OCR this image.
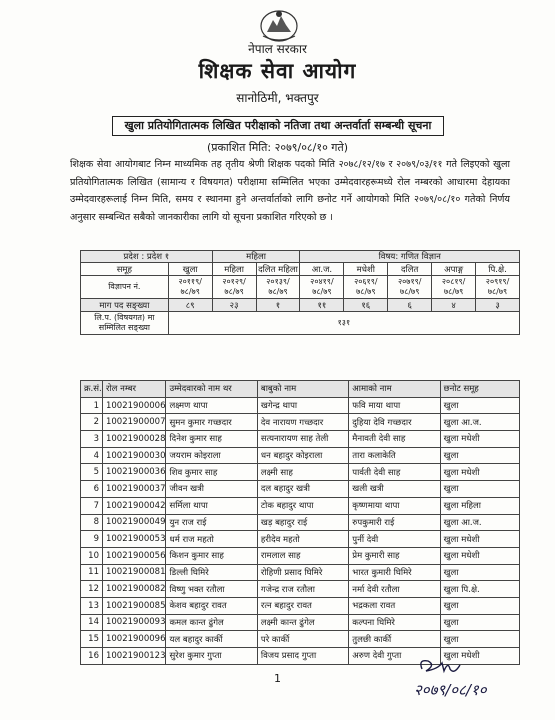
नेपाल सरकार
शिक्षक सेवा आयोग
सानोठिमी, भक्तपुर
खुला प्रतियोगितात्मक लिखित परीक्षाको नतिजा तथा अन्तर्वार्ता सम्बन्धी सूचना
(प्रकाशित मिति: २०७९/०८/१० गते)
शिक्षक सेवा आयोगबाट निम्न माध्यमिक तह तृतीय श्रेणी शिक्षक पदको मिति २०७८/१२/१७ र २०७९/०३/११ गते लिइएको खुला प्रतियोगितात्मक लिखित (सामान्य र विषयगत) परीक्षामा सम्मिलित भएका उम्मेदवारहरूमध्ये रोल नम्बरको आधारमा देहायका उम्मेदवारहरूलाई निम्न मिति, समय र स्थानमा हुने अन्तर्वार्ताको लागि छनोट गर्ने आयोगको मिति २०७९/०८/१० गतेको निर्णय अनुसार सम्बन्धित सबैको जानकारीका लागि यो सूचना प्रकाशित गरिएको छ ।
प्रदेश : प्रदेश १		महिला		विषय: गणित विज्ञान				
समूह	खुला	महिला	दलित महिला	आ.ज.	मधेशी	दलित	अपाङ्ग	पि.क्षे.
विज्ञापन नं.	२०११९/ ७८/७९	२०१२९/ ७८/७९	२०१३९/ ७८/७९	२०४१९/ ७८/७९	२०६१९/ ७८/७९	२०७१९/ ७८/७९	२०८१९/ ७८/७९	२०९१९/ ७८/७९
माग पद सङ्ख्या	८९	२३	१	११	१६	६	४	३
लि.प. (विषयगत) मा सम्मिलित सङ्ख्या	१३१							
क्र.सं.	रोल नम्बर	उम्मेदवारको नाम थर	बाबुको नाम	आमाको नाम	छनोट समूह
1	10021900006	लक्ष्मण थापा	खगेन्द्र थापा	फवि माया थापा	खुला
2	10021900007	सुमन कुमार गच्छदार	देव नारायण गच्छदार	दुहिया देवि गच्छदार	खुला आ.ज.
3	10021900028	दिनेश कुमार साह	सत्यनारायण साह तेली	मैनावती देवी साह	खुला मधेशी
4	10021900030	जयराम कोइराला	धन बहादुर कोइराला	तारा कलाकेति	खुला
5	10021900036	शिव कुमार साह	लक्ष्मी साह	पार्वती देवी साह	खुला मधेशी
6	10021900037	जीवन खत्री	दल बहादुर खत्री	खली खत्री	खुला
7	10021900042	सर्मिला थापा	टोक बहादुर थापा	कृष्णमाया थापा	खुला महिला
8	10021900049	युन राज राई	खड़ बहादुर राई	रुपकुमारी राई	खुला आ.ज.
9	10021900053	धर्म राज महतो	हरीदेव महतो	पुर्नी देवी	खुला मधेशी
10	10021900056	किशन कुमार साह	रामलाल साह	प्रेम कुमारी साह	खुला मधेशी
11	10021900081	डिल्ली घिमिरे	रोहिणी प्रसाद घिमिरे	भारत कुमारी घिमिरे	खुला
12	10021900082	विष्णु भक्त रतौला	गजेन्द्र राज रतौला	नर्मा देवी रतौला	खुला पि.क्षे.
13	10021900085	केशव बहादुर रावत	रत्न बहादुर रावत	भद्रकला रावत	खुला
14	10021900093	कमल कान्त ढुंगेल	लक्ष्मी कान्त ढुंगेल	कल्पना घिमिरे	खुला
15	10021900096	यल बहादुर कार्की	परे कार्की	तुलछी कार्की	खुला
16	10021900123	सुरेश कुमार गुप्ता	विजय प्रसाद गुप्ता	अरुण देवी गुप्ता	खुला मधेशी
1
२०७९/०८/१०
